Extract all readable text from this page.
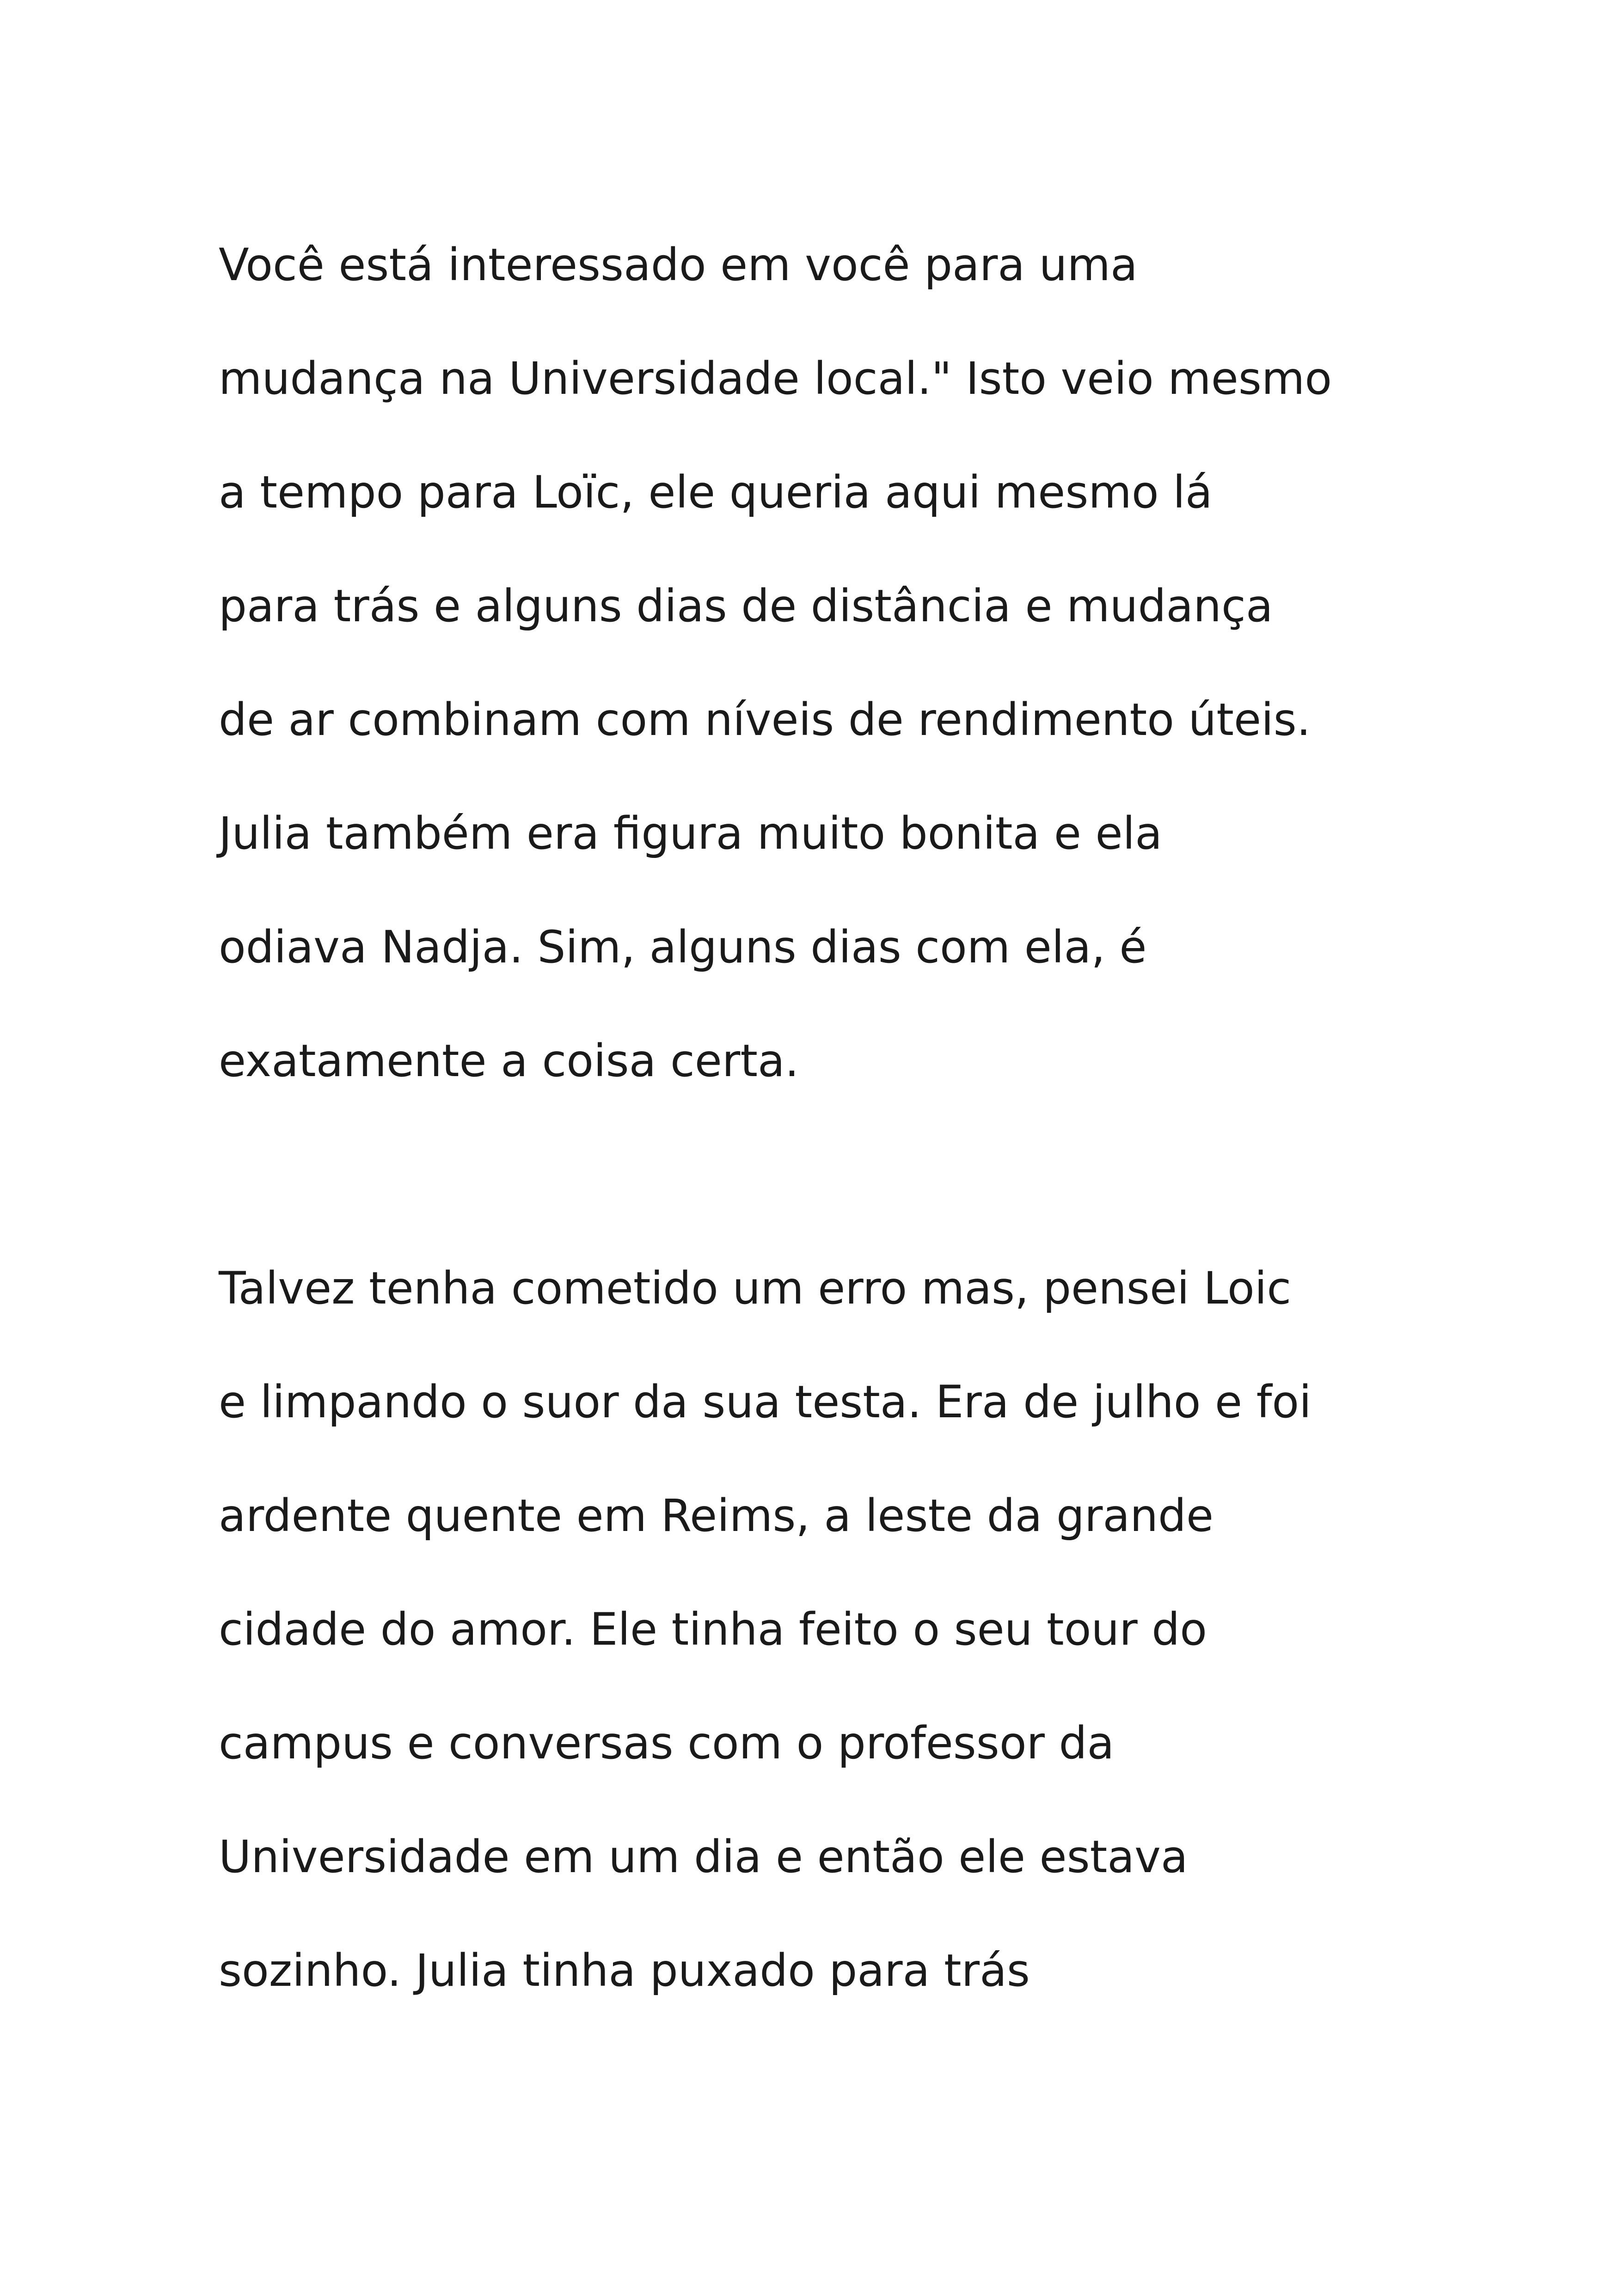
Você está interessado em você para uma
mudança na Universidade local." Isto veio mesmo
a tempo para Loïc, ele queria aqui mesmo lá
para trás e alguns dias de distância e mudança
de ar combinam com níveis de rendimento úteis.
Julia também era figura muito bonita e ela
odiava Nadja. Sim, alguns dias com ela, é
exatamente a coisa certa.

Talvez tenha cometido um erro mas, pensei Loic
e limpando o suor da sua testa. Era de julho e foi
ardente quente em Reims, a leste da grande
cidade do amor. Ele tinha feito o seu tour do
campus e conversas com o professor da
Universidade em um dia e então ele estava
sozinho. Julia tinha puxado para trás
